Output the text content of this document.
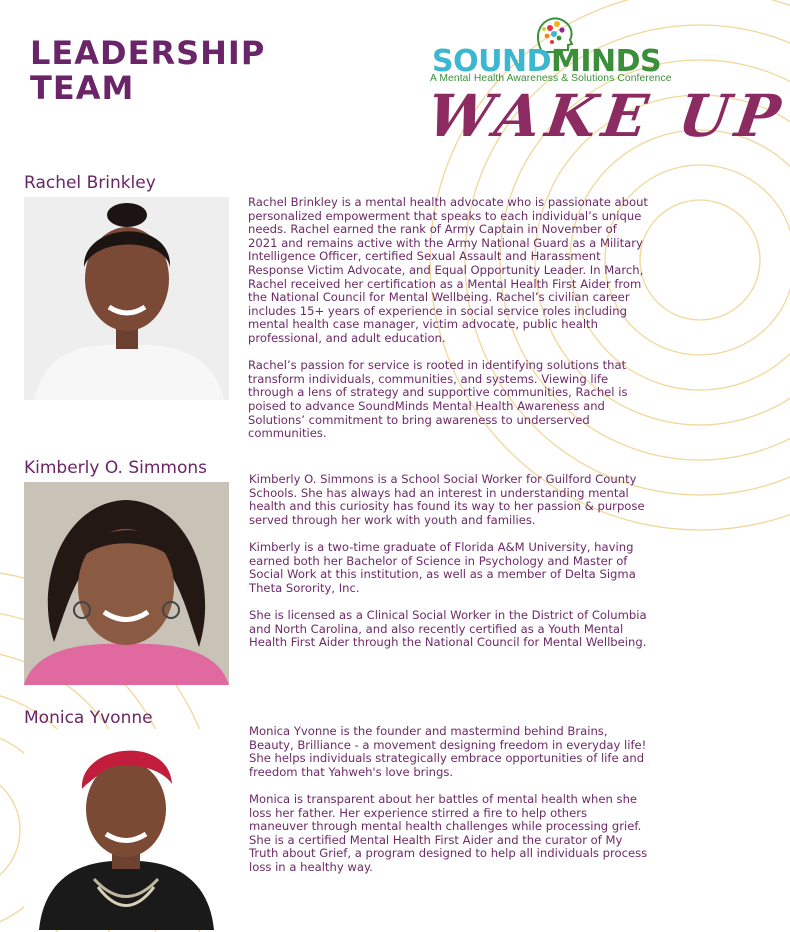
LEADERSHIP
TEAM
SOUNDMINDS
A Mental Health Awareness & Solutions Conference
WAKE UP
Rachel Brinkley

Rachel Brinkley is a mental health advocate who is passionate about personalized empowerment that speaks to each individual’s unique needs. Rachel earned the rank of Army Captain in November of 2021 and remains active with the Army National Guard as a Military Intelligence Officer, certified Sexual Assault and Harassment Response Victim Advocate, and Equal Opportunity Leader. In March, Rachel received her certification as a Mental Health First Aider from the National Council for Mental Wellbeing. Rachel’s civilian career includes 15+ years of experience in social service roles including mental health case manager, victim advocate, public health professional, and adult education.

Rachel’s passion for service is rooted in identifying solutions that transform individuals, communities, and systems. Viewing life through a lens of strategy and supportive communities, Rachel is poised to advance SoundMinds Mental Health Awareness and Solutions’ commitment to bring awareness to underserved communities.

Kimberly O. Simmons

Kimberly O. Simmons is a School Social Worker for Guilford County Schools. She has always had an interest in understanding mental health and this curiosity has found its way to her passion & purpose served through her work with youth and families.

Kimberly is a two-time graduate of Florida A&M University, having earned both her Bachelor of Science in Psychology and Master of Social Work at this institution, as well as a member of Delta Sigma Theta Sorority, Inc.

She is licensed as a Clinical Social Worker in the District of Columbia and North Carolina, and also recently certified as a Youth Mental Health First Aider through the National Council for Mental Wellbeing.

Monica Yvonne

Monica Yvonne is the founder and mastermind behind Brains, Beauty, Brilliance - a movement designing freedom in everyday life! She helps individuals strategically embrace opportunities of life and freedom that Yahweh's love brings.

Monica is transparent about her battles of mental health when she loss her father. Her experience stirred a fire to help others maneuver through mental health challenges while processing grief. She is a certified Mental Health First Aider and the curator of My Truth about Grief, a program designed to help all individuals process loss in a healthy way.
